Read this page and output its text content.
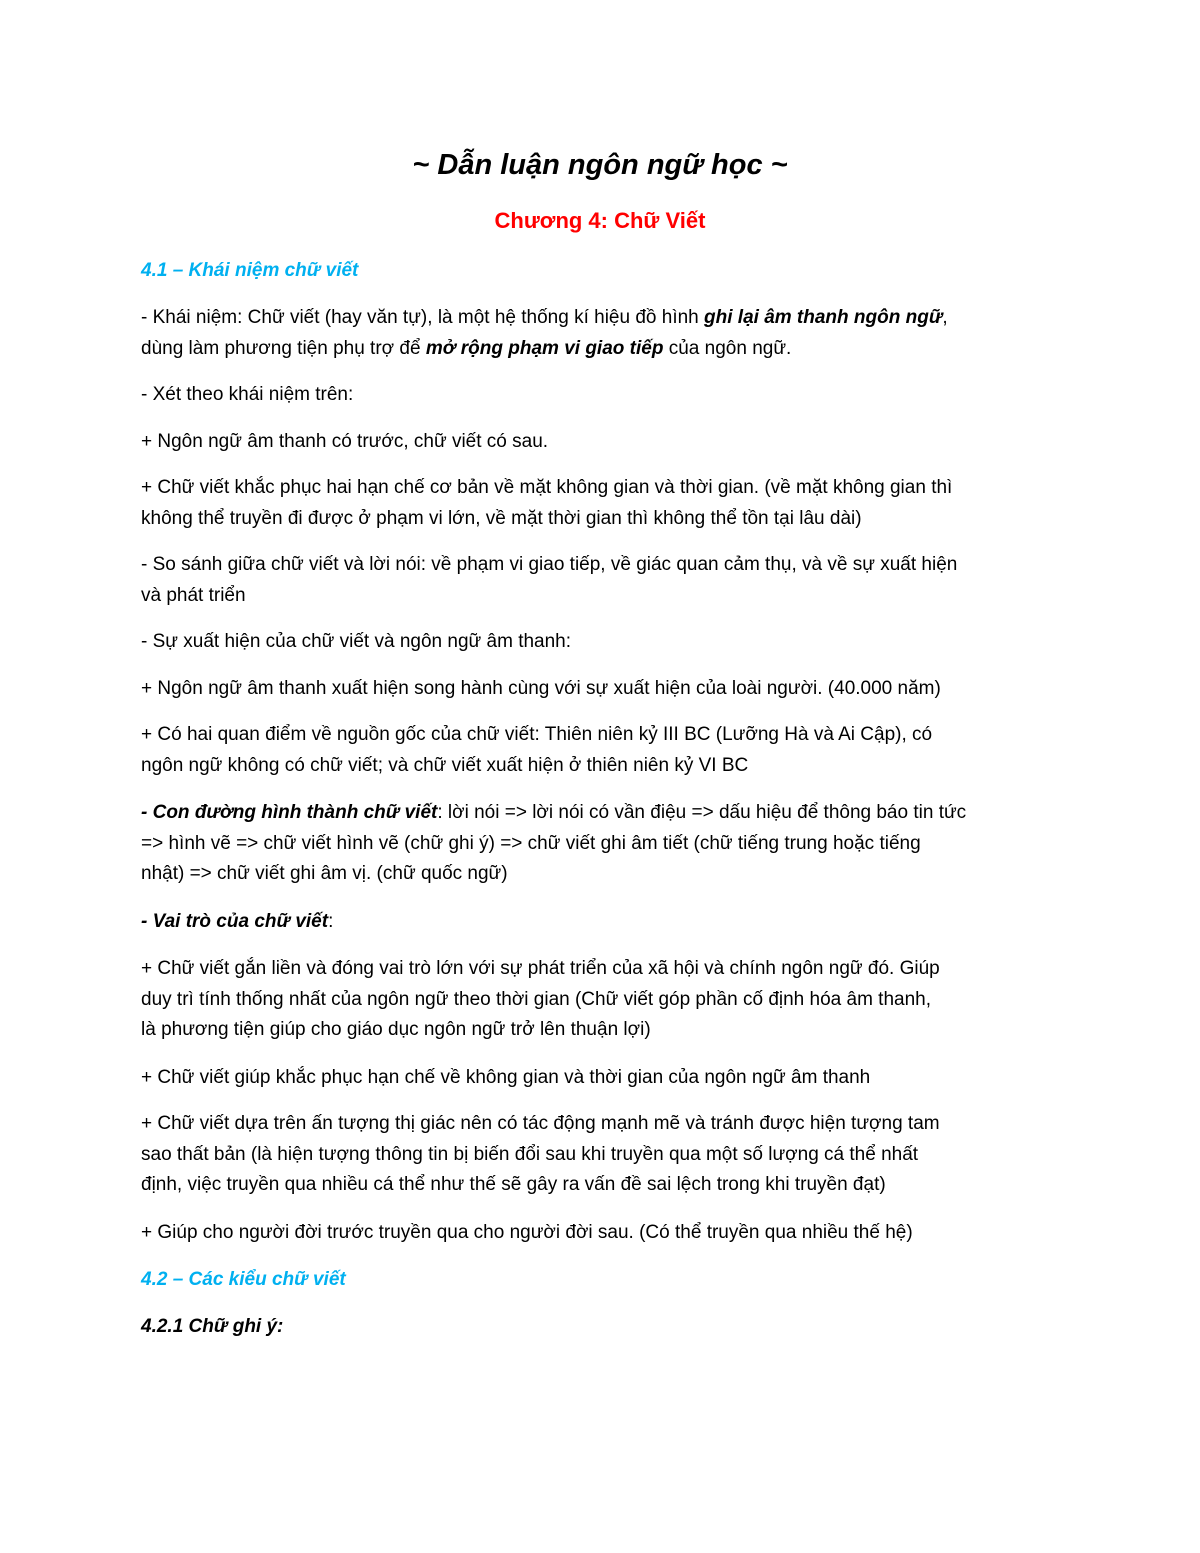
~ Dẫn luận ngôn ngữ học ~
Chương 4: Chữ Viết
4.1 – Khái niệm chữ viết
- Khái niệm: Chữ viết (hay văn tự), là một hệ thống kí hiệu đồ hình ghi lại âm thanh ngôn ngữ,
dùng làm phương tiện phụ trợ để mở rộng phạm vi giao tiếp của ngôn ngữ.
- Xét theo khái niệm trên:
+ Ngôn ngữ âm thanh có trước, chữ viết có sau.
+ Chữ viết khắc phục hai hạn chế cơ bản về mặt không gian và thời gian. (về mặt không gian thì
không thể truyền đi được ở phạm vi lớn, về mặt thời gian thì không thể tồn tại lâu dài)
- So sánh giữa chữ viết và lời nói: về phạm vi giao tiếp, về giác quan cảm thụ, và về sự xuất hiện
và phát triển
- Sự xuất hiện của chữ viết và ngôn ngữ âm thanh:
+ Ngôn ngữ âm thanh xuất hiện song hành cùng với sự xuất hiện của loài người. (40.000 năm)
+ Có hai quan điểm về nguồn gốc của chữ viết: Thiên niên kỷ III BC (Lưỡng Hà và Ai Cập), có
ngôn ngữ không có chữ viết; và chữ viết xuất hiện ở thiên niên kỷ VI BC
- Con đường hình thành chữ viết: lời nói => lời nói có vần điệu => dấu hiệu để thông báo tin tức
=> hình vẽ => chữ viết hình vẽ (chữ ghi ý) => chữ viết ghi âm tiết (chữ tiếng trung hoặc tiếng
nhật) => chữ viết ghi âm vị. (chữ quốc ngữ)
- Vai trò của chữ viết:
+ Chữ viết gắn liền và đóng vai trò lớn với sự phát triển của xã hội và chính ngôn ngữ đó. Giúp
duy trì tính thống nhất của ngôn ngữ theo thời gian (Chữ viết góp phần cố định hóa âm thanh,
là phương tiện giúp cho giáo dục ngôn ngữ trở lên thuận lợi)
+ Chữ viết giúp khắc phục hạn chế về không gian và thời gian của ngôn ngữ âm thanh
+ Chữ viết dựa trên ấn tượng thị giác nên có tác động mạnh mẽ và tránh được hiện tượng tam
sao thất bản (là hiện tượng thông tin bị biến đổi sau khi truyền qua một số lượng cá thể nhất
định, việc truyền qua nhiều cá thể như thế sẽ gây ra vấn đề sai lệch trong khi truyền đạt)
+ Giúp cho người đời trước truyền qua cho người đời sau. (Có thể truyền qua nhiều thế hệ)
4.2 – Các kiểu chữ viết
4.2.1 Chữ ghi ý:
